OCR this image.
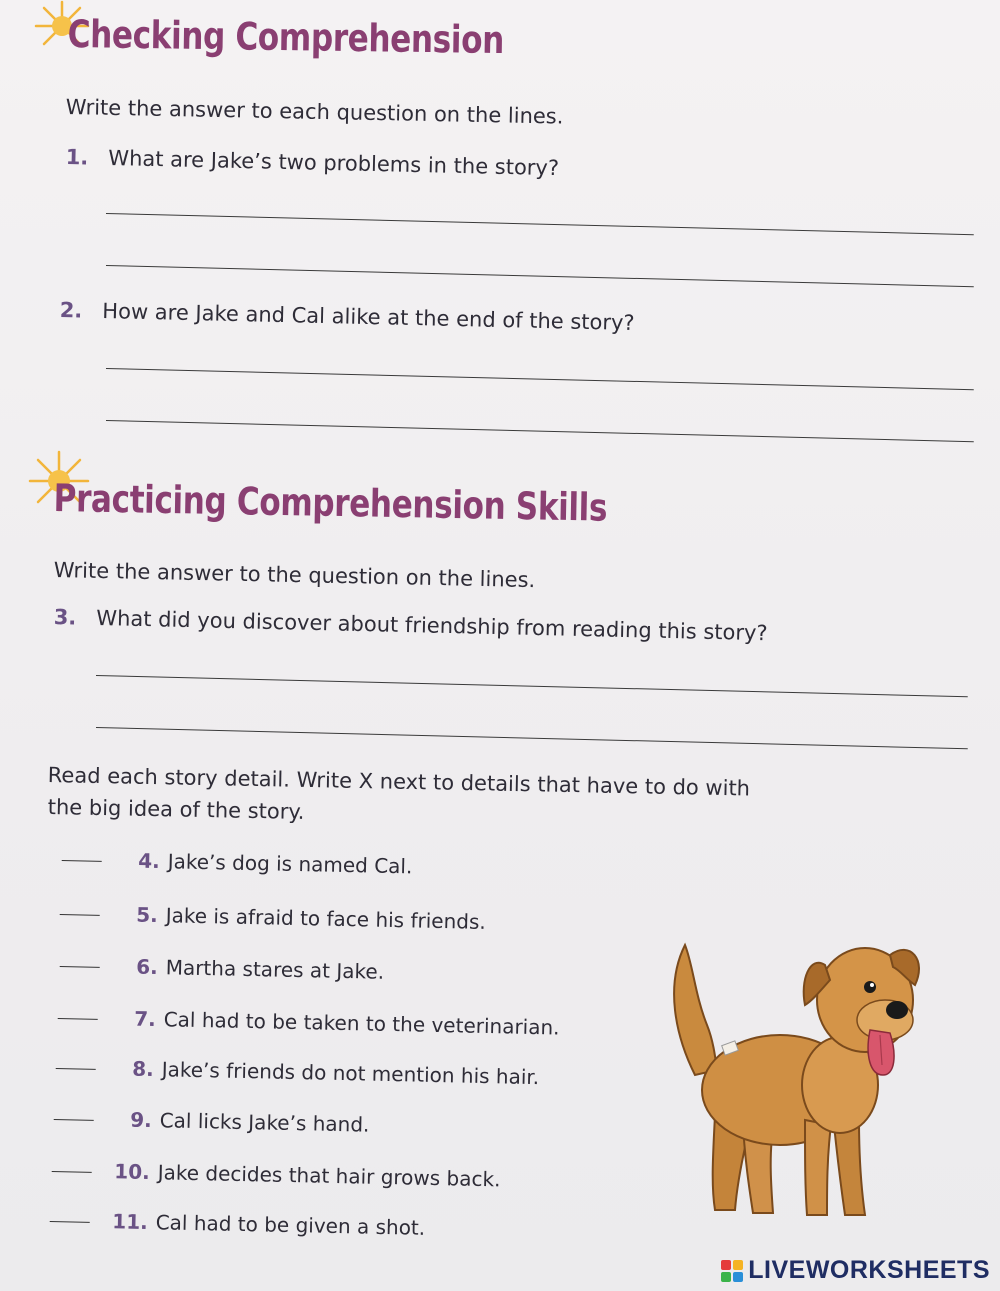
Checking Comprehension
Write the answer to each question on the lines.
1. What are Jake’s two problems in the story?
2. How are Jake and Cal alike at the end of the story?
Practicing Comprehension Skills
Write the answer to the question on the lines.
3. What did you discover about friendship from reading this story?
Read each story detail. Write X next to details that have to do with
the big idea of the story.
4. Jake’s dog is named Cal.
5. Jake is afraid to face his friends.
6. Martha stares at Jake.
7. Cal had to be taken to the veterinarian.
8. Jake’s friends do not mention his hair.
9. Cal licks Jake’s hand.
10. Jake decides that hair grows back.
11. Cal had to be given a shot.
LIVEWORKSHEETS
